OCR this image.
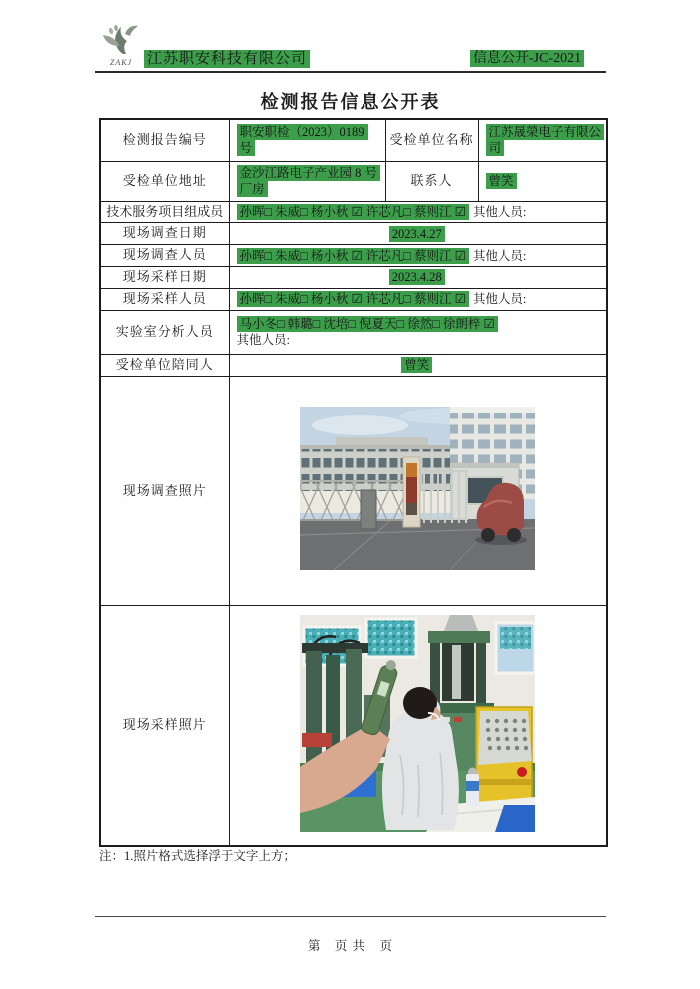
ZAKJ 江苏职安科技有限公司	信息公开-JC-2021
检测报告信息公开表
检测报告编号	职安职检（2023）0189 号	受检单位名称	江苏晟榮电子有限公司
受检单位地址	金沙江路电子产业园 8 号厂房	联系人	曾笑
技术服务项目组成员	孙晖□ 朱威□ 杨小秋 ☑ 许芯凡□ 蔡则江 ☑ 其他人员:		
现场调查日期	2023.4.27		
现场调查人员	孙晖□ 朱威□ 杨小秋 ☑ 许芯凡□ 蔡则江 ☑ 其他人员:		
现场采样日期	2023.4.28		
现场采样人员	孙晖□ 朱威□ 杨小秋 ☑ 许芯凡□ 蔡则江 ☑ 其他人员:		
实验室分析人员	马小冬□ 韩璐□ 沈培□ 倪夏天□ 徐然□ 徐朗梓 ☑
其他人员:		

受检单位陪同人	曾笑		
现场调查照片	
现场采样照片	
注：1.照片格式选择浮于文字上方；
第　页 共　页
